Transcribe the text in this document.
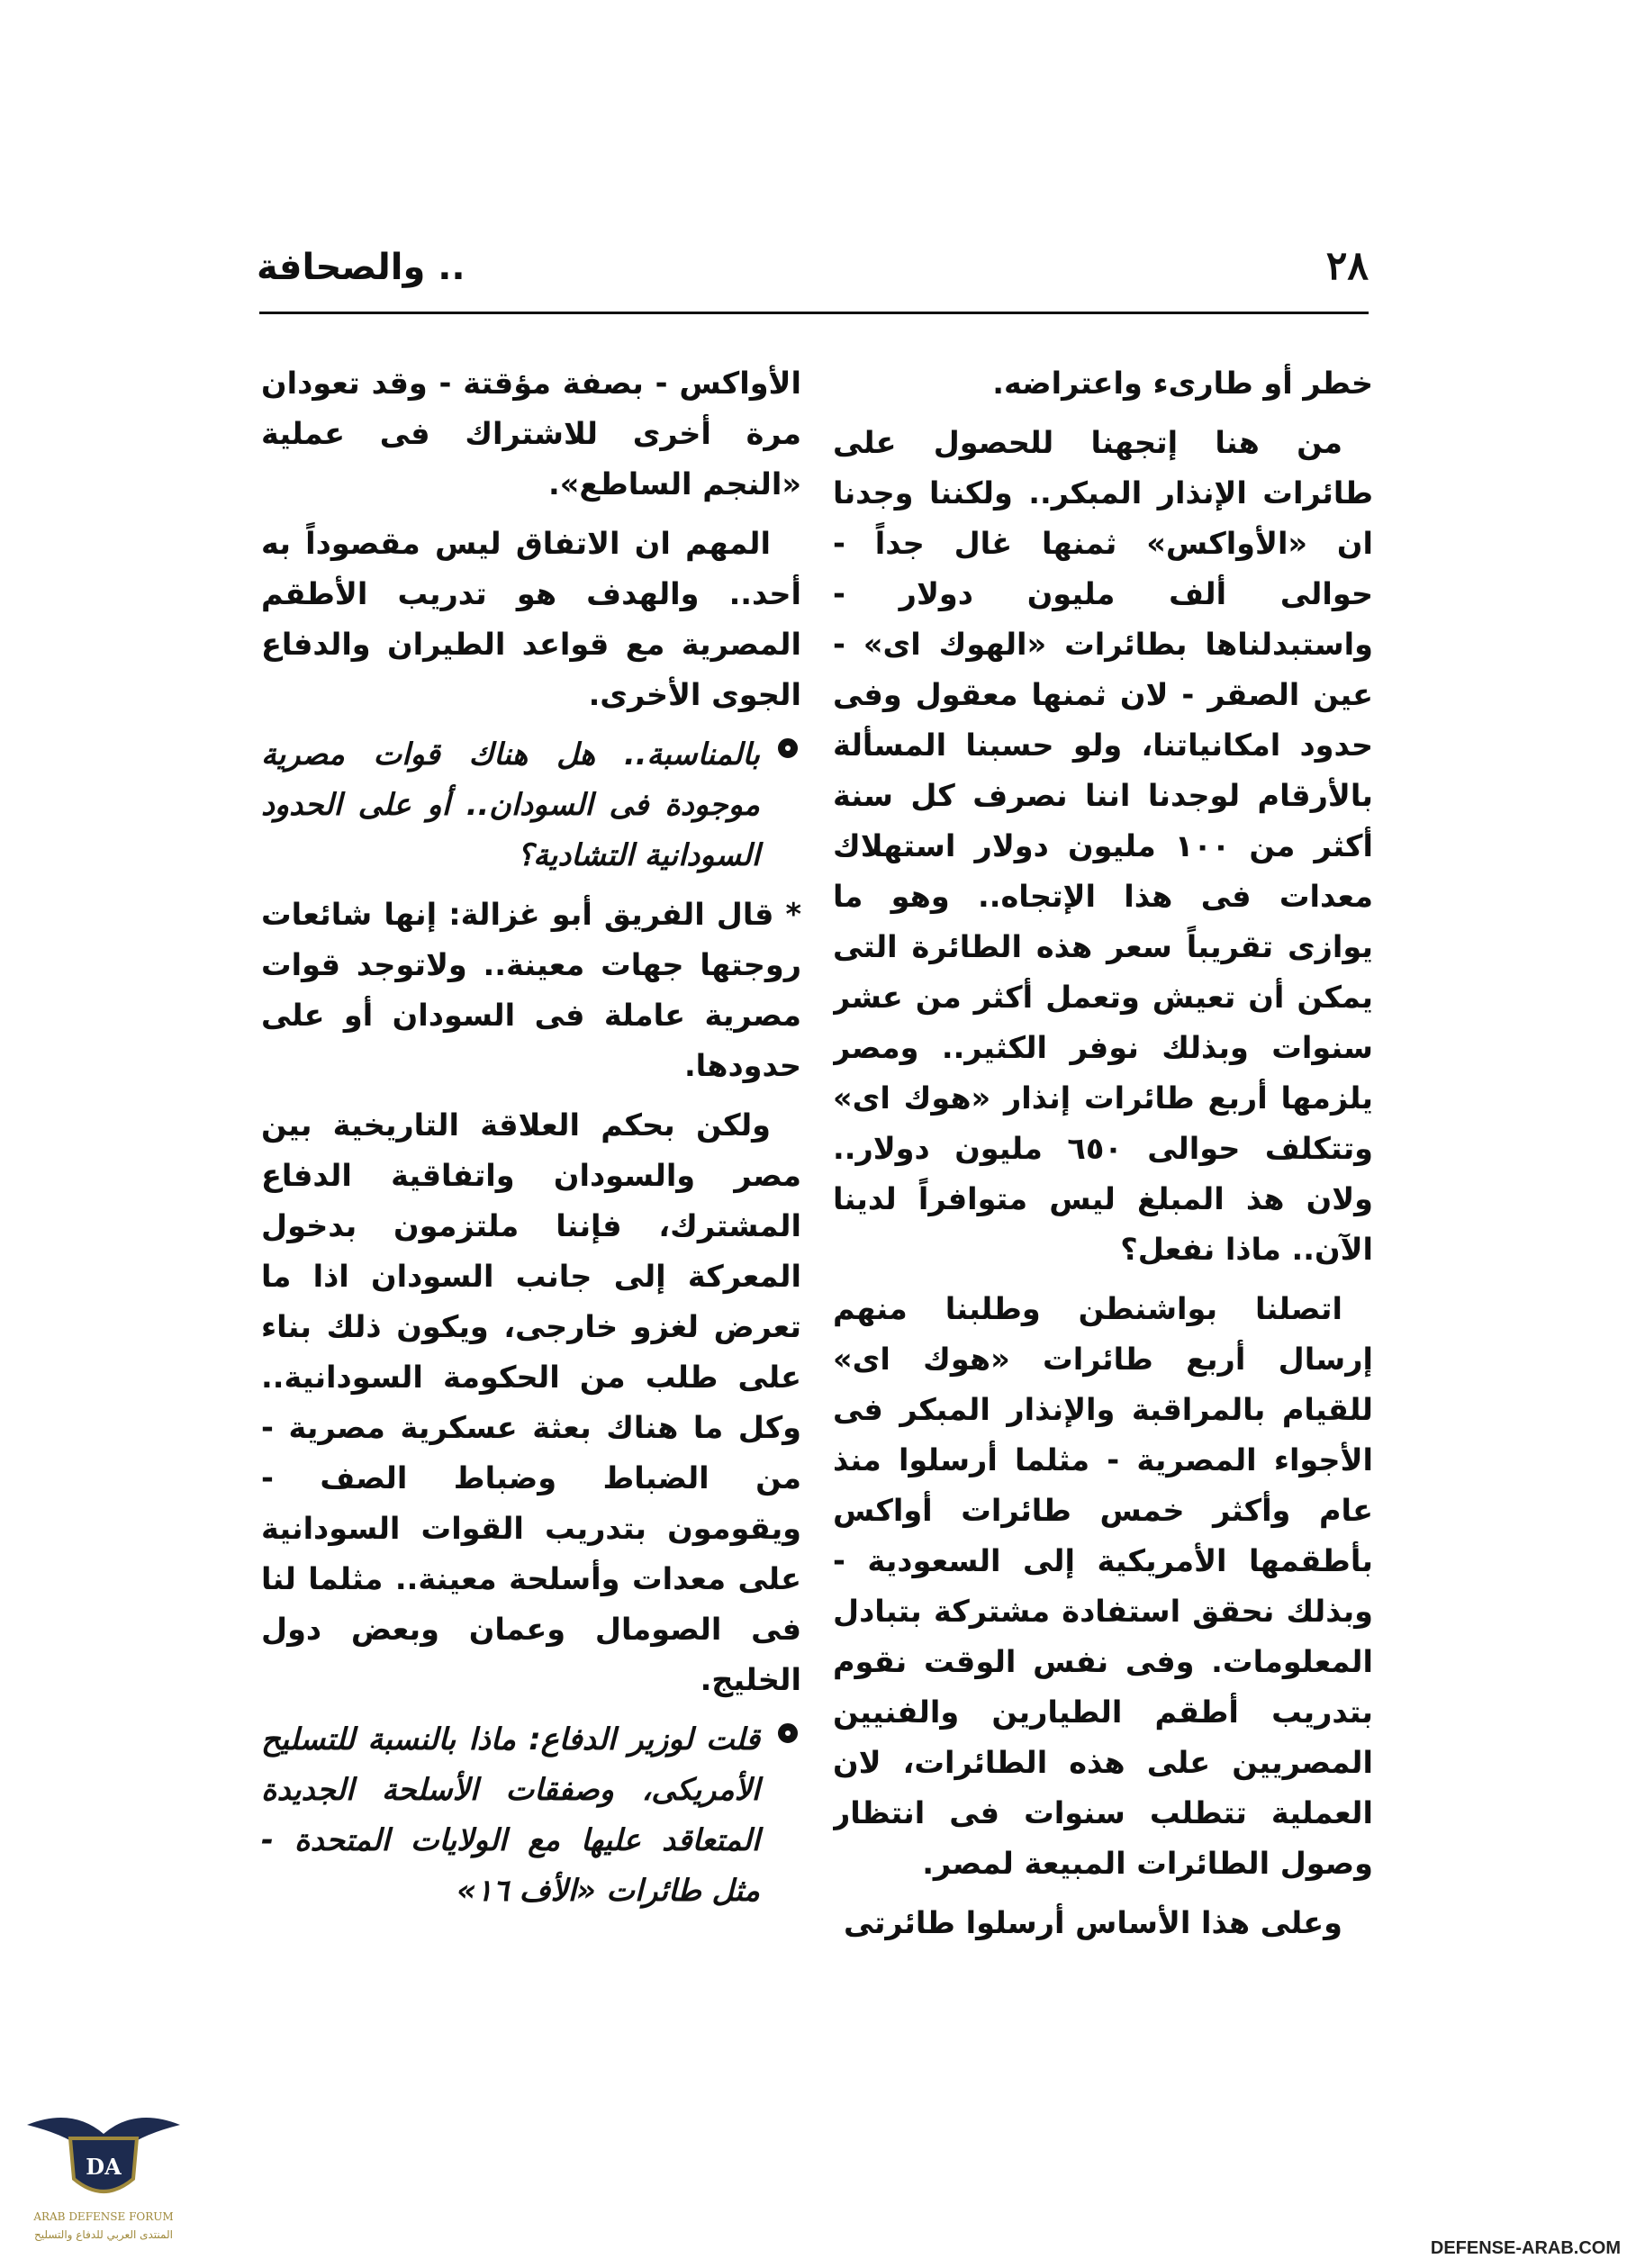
٢٨
.. والصحافة

خطر أو طارىء واعتراضه.

من هنا إتجهنا للحصول على طائرات الإنذار المبكر.. ولكننا وجدنا ان «الأواكس» ثمنها غال جداً - حوالى ألف مليون دولار - واستبدلناها بطائرات «الهوك اى» - عين الصقر - لان ثمنها معقول وفى حدود امكانياتنا، ولو حسبنا المسألة بالأرقام لوجدنا اننا نصرف كل سنة أكثر من ١٠٠ مليون دولار استهلاك معدات فى هذا الإتجاه.. وهو ما يوازى تقريباً سعر هذه الطائرة التى يمكن أن تعيش وتعمل أكثر من عشر سنوات وبذلك نوفر الكثير.. ومصر يلزمها أربع طائرات إنذار «هوك اى» وتتكلف حوالى ٦٥٠ مليون دولار.. ولان هذ المبلغ ليس متوافراً لدينا الآن.. ماذا نفعل؟

اتصلنا بواشنطن وطلبنا منهم إرسال أربع طائرات «هوك اى» للقيام بالمراقبة والإنذار المبكر فى الأجواء المصرية - مثلما أرسلوا منذ عام وأكثر خمس طائرات أواكس بأطقمها الأمريكية إلى السعودية - وبذلك نحقق استفادة مشتركة بتبادل المعلومات. وفى نفس الوقت نقوم بتدريب أطقم الطيارين والفنيين المصريين على هذه الطائرات، لان العملية تتطلب سنوات فى انتظار وصول الطائرات المبيعة لمصر.

وعلى هذا الأساس أرسلوا طائرتى

الأواكس - بصفة مؤقتة - وقد تعودان مرة أخرى للاشتراك فى عملية «النجم الساطع».

المهم ان الاتفاق ليس مقصوداً به أحد.. والهدف هو تدريب الأطقم المصرية مع قواعد الطيران والدفاع الجوى الأخرى.

بالمناسبة.. هل هناك قوات مصرية موجودة فى السودان.. أو على الحدود السودانية التشادية؟

* قال الفريق أبو غزالة: إنها شائعات روجتها جهات معينة.. ولاتوجد قوات مصرية عاملة فى السودان أو على حدودها.

ولكن بحكم العلاقة التاريخية بين مصر والسودان واتفاقية الدفاع المشترك، فإننا ملتزمون بدخول المعركة إلى جانب السودان اذا ما تعرض لغزو خارجى، ويكون ذلك بناء على طلب من الحكومة السودانية.. وكل ما هناك بعثة عسكرية مصرية - من الضباط وضباط الصف - ويقومون بتدريب القوات السودانية على معدات وأسلحة معينة.. مثلما لنا فى الصومال وعمان وبعض دول الخليج.

قلت لوزير الدفاع: ماذا بالنسبة للتسليح الأمريكى، وصفقات الأسلحة الجديدة المتعاقد عليها مع الولايات المتحدة - مثل طائرات «الأف ١٦»

DA
ARAB DEFENSE FORUM
المنتدى العربي للدفاع والتسليح
DEFENSE-ARAB.COM
